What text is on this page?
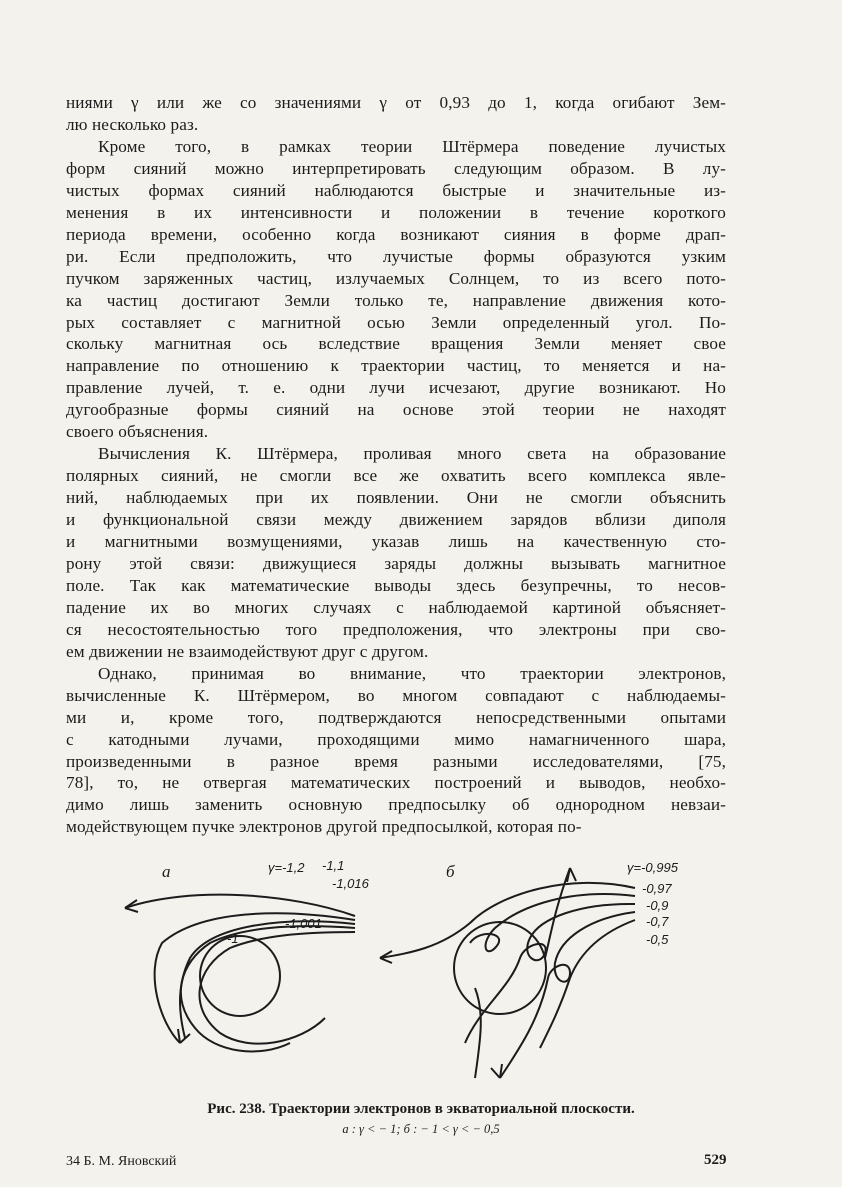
ниями γ или же со значениями γ от 0,93 до 1, когда огибают Зем-
лю несколько раз.
Кроме того, в рамках теории Штёрмера поведение лучистых
форм сияний можно интерпретировать следующим образом. В лу-
чистых формах сияний наблюдаются быстрые и значительные из-
менения в их интенсивности и положении в течение короткого
периода времени, особенно когда возникают сияния в форме драп-
ри. Если предположить, что лучистые формы образуются узким
пучком заряженных частиц, излучаемых Солнцем, то из всего пото-
ка частиц достигают Земли только те, направление движения кото-
рых составляет с магнитной осью Земли определенный угол. По-
скольку магнитная ось вследствие вращения Земли меняет свое
направление по отношению к траектории частиц, то меняется и на-
правление лучей, т. е. одни лучи исчезают, другие возникают. Но
дугообразные формы сияний на основе этой теории не находят
своего объяснения.
Вычисления К. Штёрмера, проливая много света на образование
полярных сияний, не смогли все же охватить всего комплекса явле-
ний, наблюдаемых при их появлении. Они не смогли объяснить
и функциональной связи между движением зарядов вблизи диполя
и магнитными возмущениями, указав лишь на качественную сто-
рону этой связи: движущиеся заряды должны вызывать магнитное
поле. Так как математические выводы здесь безупречны, то несов-
падение их во многих случаях с наблюдаемой картиной объясняет-
ся несостоятельностью того предположения, что электроны при сво-
ем движении не взаимодействуют друг с другом.
Однако, принимая во внимание, что траектории электронов,
вычисленные К. Штёрмером, во многом совпадают с наблюдаемы-
ми и, кроме того, подтверждаются непосредственными опытами
с катодными лучами, проходящими мимо намагниченного шара,
произведенными в разное время разными исследователями, [75,
78], то, не отвергая математических построений и выводов, необхо-
димо лишь заменить основную предпосылку об однородном невзаи-
модействующем пучке электронов другой предпосылкой, которая по-
а	γ=-1,2 -1,1
-1,016
-1,001
-1
б	γ=-0,995
-0,97
-0,9
-0,7
-0,5
Рис. 238. Траектории электронов в экваториальной плоскости.
а : γ < − 1; б : − 1 < γ < − 0,5
34 Б. М. Яновский	529
